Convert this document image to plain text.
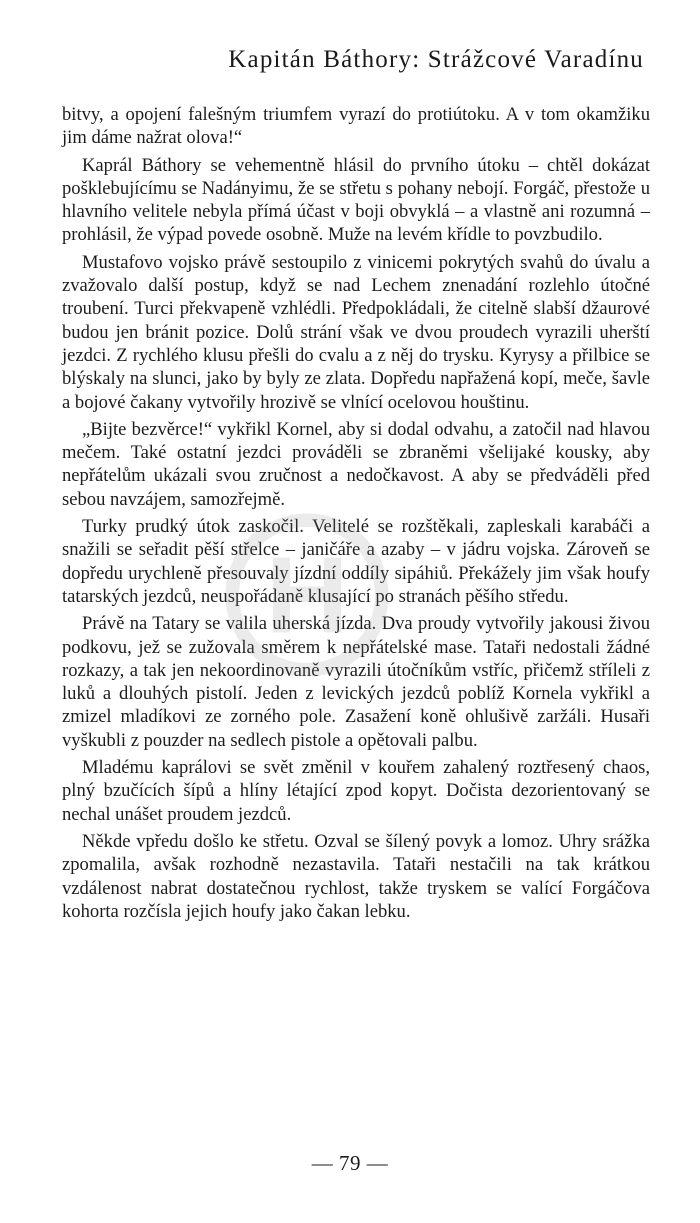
Kapitán Báthory: Strážcové Varadínu

bitvy, a opojení falešným triumfem vyrazí do protiútoku. A v tom okamžiku jim dáme nažrat olova!“

Kaprál Báthory se vehementně hlásil do prvního útoku – chtěl dokázat pošklebujícímu se Nadányimu, že se střetu s pohany nebojí. Forgáč, přestože u hlavního velitele nebyla přímá účast v boji obvyklá – a vlastně ani rozumná – prohlásil, že výpad povede osobně. Muže na levém křídle to povzbudilo.

Mustafovo vojsko právě sestoupilo z vinicemi pokrytých svahů do úvalu a zvažovalo další postup, když se nad Lechem znenadání rozlehlo útočné troubení. Turci překvapeně vzhlédli. Předpokládali, že citelně slabší džaurové budou jen bránit pozice. Dolů strání však ve dvou proudech vyrazili uherští jezdci. Z rychlého klusu přešli do cvalu a z něj do trysku. Kyrysy a přilbice se blýskaly na slunci, jako by byly ze zlata. Dopředu napřažená kopí, meče, šavle a bojové čakany vytvořily hrozivě se vlnící ocelovou houštinu.

„Bijte bezvěrce!“ vykřikl Kornel, aby si dodal odvahu, a zatočil nad hlavou mečem. Také ostatní jezdci prováděli se zbraněmi všelijaké kousky, aby nepřátelům ukázali svou zručnost a nedočkavost. A aby se předváděli před sebou navzájem, samozřejmě.

Turky prudký útok zaskočil. Velitelé se rozštěkali, zapleskali karabáči a snažili se seřadit pěší střelce – janičáře a azaby – v jádru vojska. Zároveň se dopředu urychleně přesouvaly jízdní oddíly sipáhiů. Překážely jim však houfy tatarských jezdců, neuspořádaně klusající po stranách pěšího středu.

Právě na Tatary se valila uherská jízda. Dva proudy vytvořily jakousi živou podkovu, jež se zužovala směrem k nepřátelské mase. Tataři nedostali žádné rozkazy, a tak jen nekoordinovaně vyrazili útočníkům vstříc, přičemž stříleli z luků a dlouhých pistolí. Jeden z levických jezdců poblíž Kornela vykřikl a zmizel mladíkovi ze zorného pole. Zasažení koně ohlušivě zaržáli. Husaři vyškubli z pouzder na sedlech pistole a opětovali palbu.

Mladému kaprálovi se svět změnil v kouřem zahalený roztřesený chaos, plný bzučících šípů a hlíny létající zpod kopyt. Dočista dezorientovaný se nechal unášet proudem jezdců.

Někde vpředu došlo ke střetu. Ozval se šílený povyk a lomoz. Uhry srážka zpomalila, avšak rozhodně nezastavila. Tataři nestačili na tak krátkou vzdálenost nabrat dostatečnou rychlost, takže tryskem se valící Forgáčova kohorta rozčísla jejich houfy jako čakan lebku.

— 79 —
